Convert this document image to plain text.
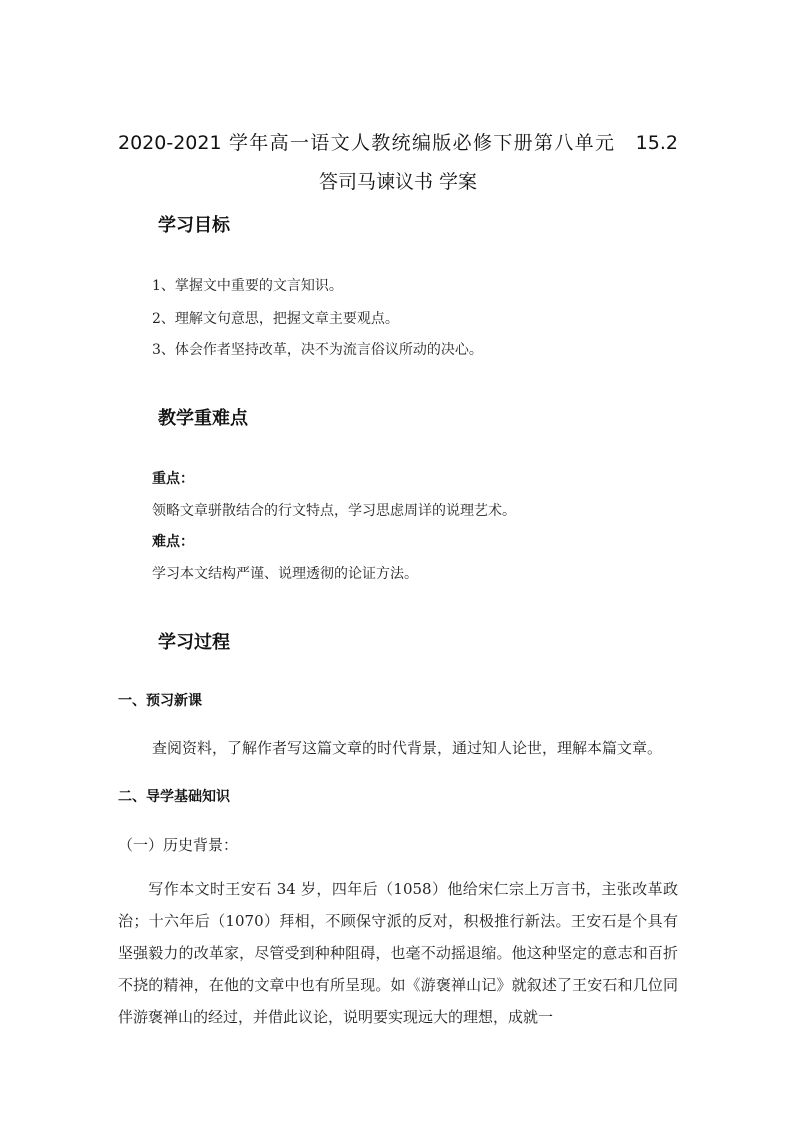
2020-2021 学年高一语文人教统编版必修下册第八单元　15.2
答司马谏议书 学案
学习目标
1、掌握文中重要的文言知识。
2、理解文句意思，把握文章主要观点。
3、体会作者坚持改革，决不为流言俗议所动的决心。
教学重难点
重点：
领略文章骈散结合的行文特点，学习思虑周详的说理艺术。
难点：
学习本文结构严谨、说理透彻的论证方法。
学习过程
一、预习新课
查阅资料，了解作者写这篇文章的时代背景，通过知人论世，理解本篇文章。
二、导学基础知识
（一）历史背景：
写作本文时王安石 34 岁，四年后（1058）他给宋仁宗上万言书，主张改革政治；十六年后（1070）拜相，不顾保守派的反对，积极推行新法。王安石是个具有坚强毅力的改革家，尽管受到种种阻碍，也毫不动摇退缩。他这种坚定的意志和百折不挠的精神，在他的文章中也有所呈现。如《游褒禅山记》就叙述了王安石和几位同伴游褒禅山的经过，并借此议论，说明要实现远大的理想，成就一
